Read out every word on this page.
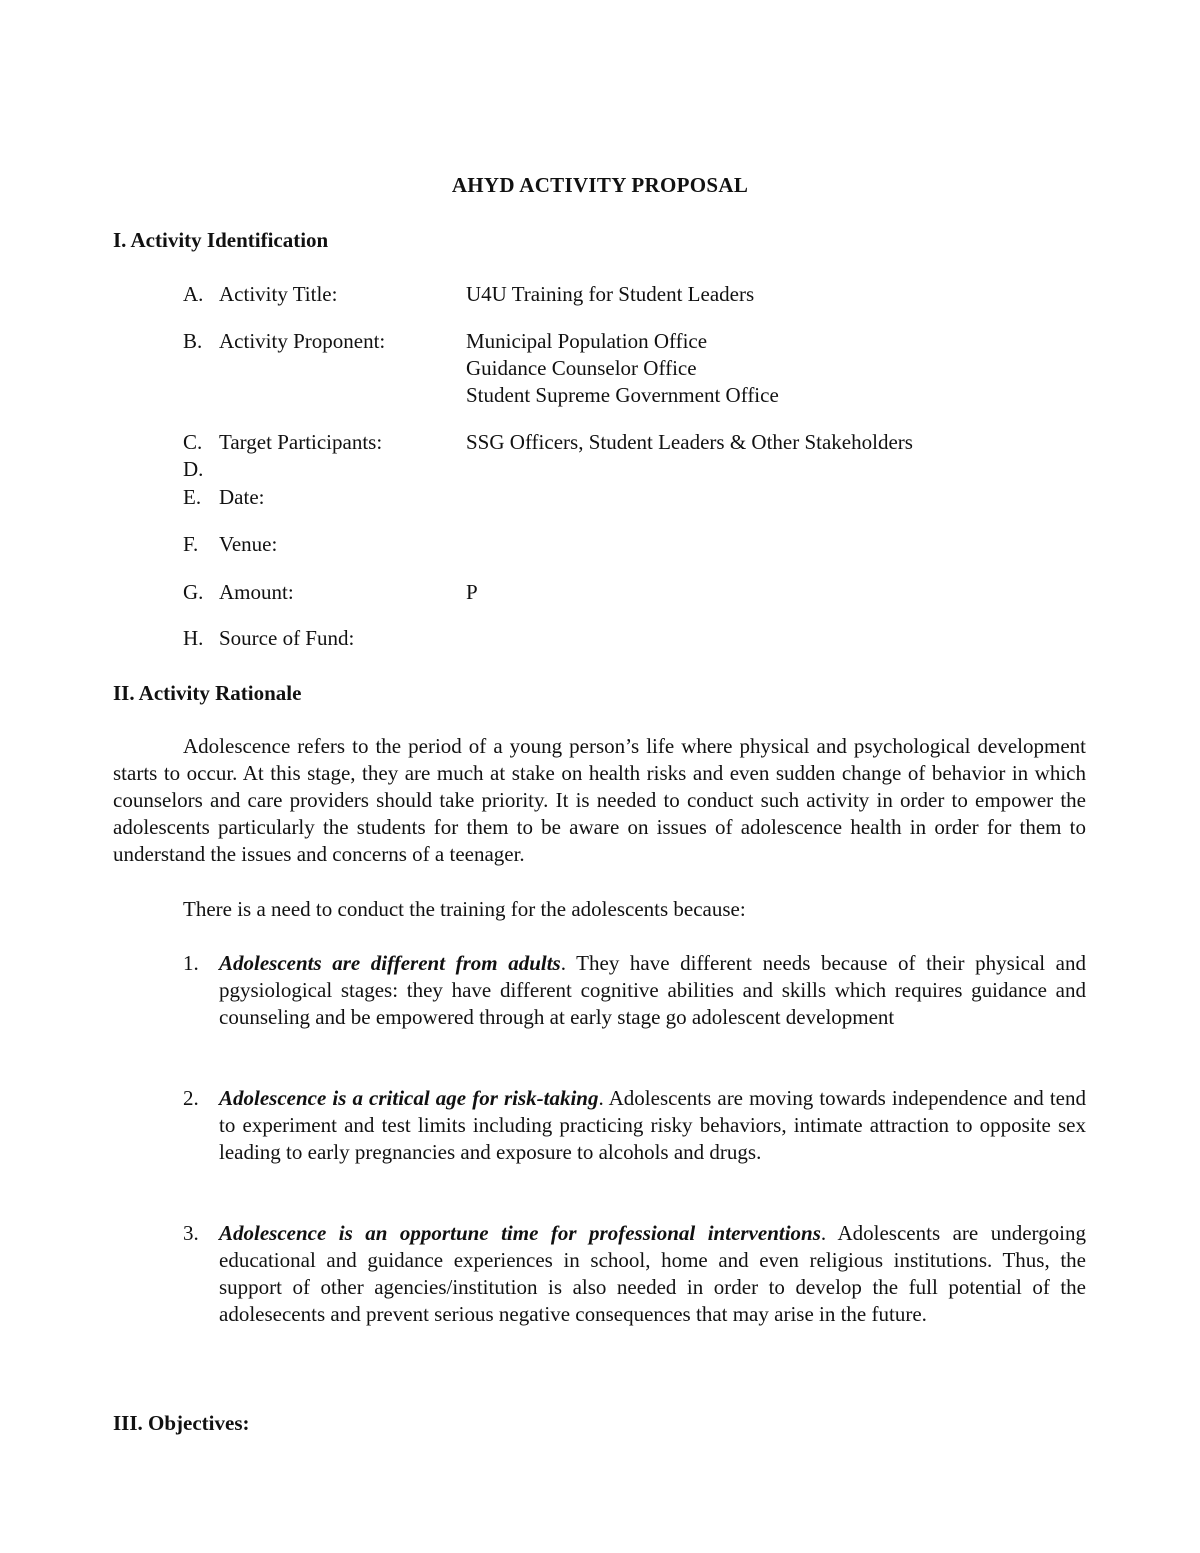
AHYD ACTIVITY PROPOSAL
I. Activity Identification
A. Activity Title:	U4U Training for Student Leaders
B. Activity Proponent:	Municipal Population Office
Guidance Counselor Office
Student Supreme Government Office
C. Target Participants:	SSG Officers, Student Leaders & Other Stakeholders
D.
E. Date:
F. Venue:
G. Amount:	P
H. Source of Fund:
II. Activity Rationale

Adolescence refers to the period of a young person’s life where physical and psychological development starts to occur. At this stage, they are much at stake on health risks and even sudden change of behavior in which counselors and care providers should take priority. It is needed to conduct such activity in order to empower the adolescents particularly the students for them to be aware on issues of adolescence health in order for them to understand the issues and concerns of a teenager.

There is a need to conduct the training for the adolescents because:
1. Adolescents are different from adults. They have different needs because of their physical and pgysiological stages: they have different cognitive abilities and skills which requires guidance and counseling and be empowered through at early stage go adolescent development
2. Adolescence is a critical age for risk-taking. Adolescents are moving towards independence and tend to experiment and test limits including practicing risky behaviors, intimate attraction to opposite sex leading to early pregnancies and exposure to alcohols and drugs.
3. Adolescence is an opportune time for professional interventions. Adolescents are undergoing educational and guidance experiences in school, home and even religious institutions. Thus, the support of other agencies/institution is also needed in order to develop the full potential of the adolesecents and prevent serious negative consequences that may arise in the future.
III. Objectives:
